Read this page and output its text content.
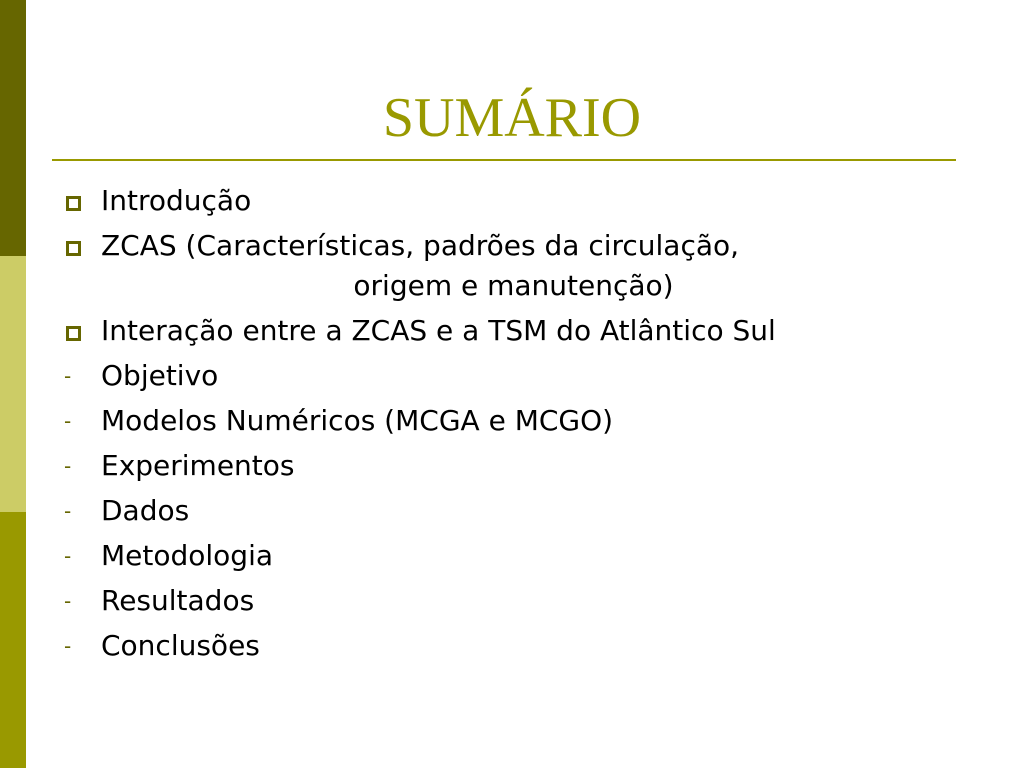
SUMÁRIO
Introdução
ZCAS (Características, padrões da circulação,
origem e manutenção)
Interação entre a ZCAS e a TSM do Atlântico Sul
- Objetivo
- Modelos Numéricos (MCGA e MCGO)
- Experimentos
- Dados
- Metodologia
- Resultados
- Conclusões
